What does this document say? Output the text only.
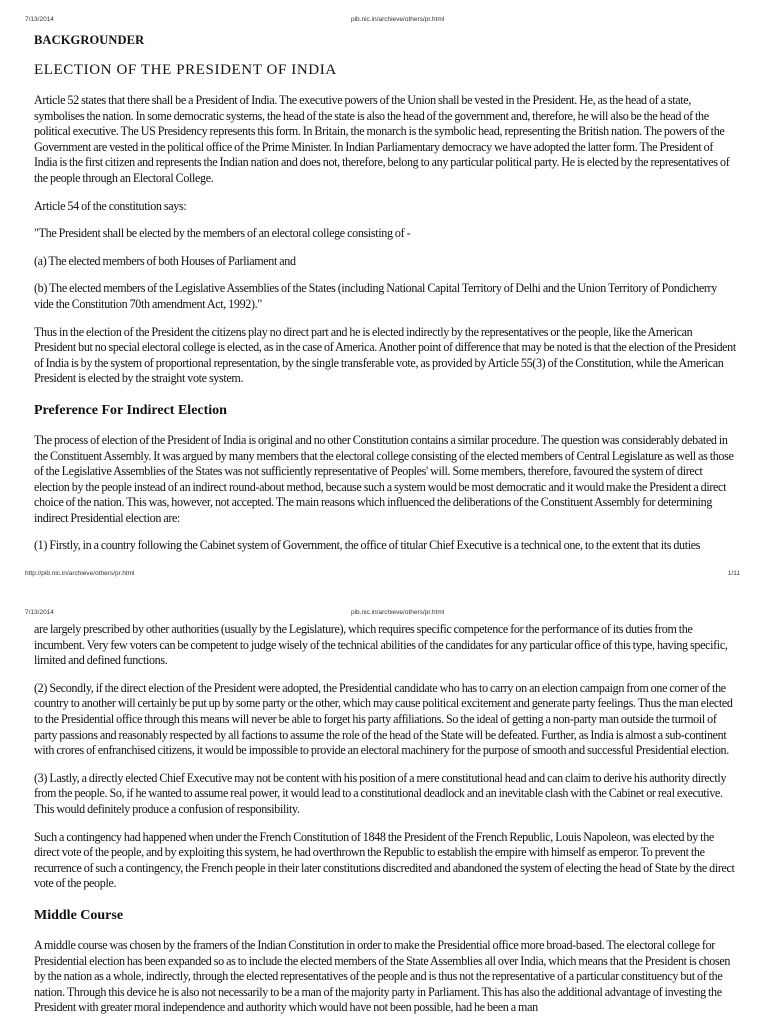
7/13/2014	pib.nic.in/archieve/others/pr.html
BACKGROUNDER
ELECTION OF THE PRESIDENT OF INDIA

Article 52 states that there shall be a President of India. The executive powers of the Union shall be vested in the President. He, as the head of a state, symbolises the nation. In some democratic systems, the head of the state is also the head of the government and, therefore, he will also be the head of the political executive. The US Presidency represents this form. In Britain, the monarch is the symbolic head, representing the British nation. The powers of the Government are vested in the political office of the Prime Minister. In Indian Parliamentary democracy we have adopted the latter form. The President of India is the first citizen and represents the Indian nation and does not, therefore, belong to any particular political party. He is elected by the representatives of the people through an Electoral College.

Article 54 of the constitution says:

"The President shall be elected by the members of an electoral college consisting of -

(a) The elected members of both Houses of Parliament and

(b) The elected members of the Legislative Assemblies of the States (including National Capital Territory of Delhi and the Union Territory of Pondicherry vide the Constitution 70th amendment Act, 1992)."

Thus in the election of the President the citizens play no direct part and he is elected indirectly by the representatives or the people, like the American President but no special electoral college is elected, as in the case of America. Another point of difference that may be noted is that the election of the President of India is by the system of proportional representation, by the single transferable vote, as provided by Article 55(3) of the Constitution, while the American President is elected by the straight vote system.

Preference For Indirect Election

The process of election of the President of India is original and no other Constitution contains a similar procedure. The question was considerably debated in the Constituent Assembly. It was argued by many members that the electoral college consisting of the elected members of Central Legislature as well as those of the Legislative Assemblies of the States was not sufficiently representative of Peoples' will. Some members, therefore, favoured the system of direct election by the people instead of an indirect round-about method, because such a system would be most democratic and it would make the President a direct choice of the nation. This was, however, not accepted. The main reasons which influenced the deliberations of the Constituent Assembly for determining indirect Presidential election are:

(1) Firstly, in a country following the Cabinet system of Government, the office of titular Chief Executive is a technical one, to the extent that its duties

http://pib.nic.in/archieve/others/pr.html	1/11
7/13/2014	pib.nic.in/archieve/others/pr.html

are largely prescribed by other authorities (usually by the Legislature), which requires specific competence for the performance of its duties from the incumbent. Very few voters can be competent to judge wisely of the technical abilities of the candidates for any particular office of this type, having specific, limited and defined functions.

(2) Secondly, if the direct election of the President were adopted, the Presidential candidate who has to carry on an election campaign from one corner of the country to another will certainly be put up by some party or the other, which may cause political excitement and generate party feelings. Thus the man elected to the Presidential office through this means will never be able to forget his party affiliations. So the ideal of getting a non-party man outside the turmoil of party passions and reasonably respected by all factions to assume the role of the head of the State will be defeated. Further, as India is almost a sub-continent with crores of enfranchised citizens, it would be impossible to provide an electoral machinery for the purpose of smooth and successful Presidential election.

(3) Lastly, a directly elected Chief Executive may not be content with his position of a mere constitutional head and can claim to derive his authority directly from the people. So, if he wanted to assume real power, it would lead to a constitutional deadlock and an inevitable clash with the Cabinet or real executive. This would definitely produce a confusion of responsibility.

Such a contingency had happened when under the French Constitution of 1848 the President of the French Republic, Louis Napoleon, was elected by the direct vote of the people, and by exploiting this system, he had overthrown the Republic to establish the empire with himself as emperor. To prevent the recurrence of such a contingency, the French people in their later constitutions discredited and abandoned the system of electing the head of State by the direct vote of the people.

Middle Course

A middle course was chosen by the framers of the Indian Constitution in order to make the Presidential office more broad-based. The electoral college for Presidential election has been expanded so as to include the elected members of the State Assemblies all over India, which means that the President is chosen by the nation as a whole, indirectly, through the elected representatives of the people and is thus not the representative of a particular constituency but of the nation. Through this device he is also not necessarily to be a man of the majority party in Parliament. This has also the additional advantage of investing the President with greater moral independence and authority which would have not been possible, had he been a man
